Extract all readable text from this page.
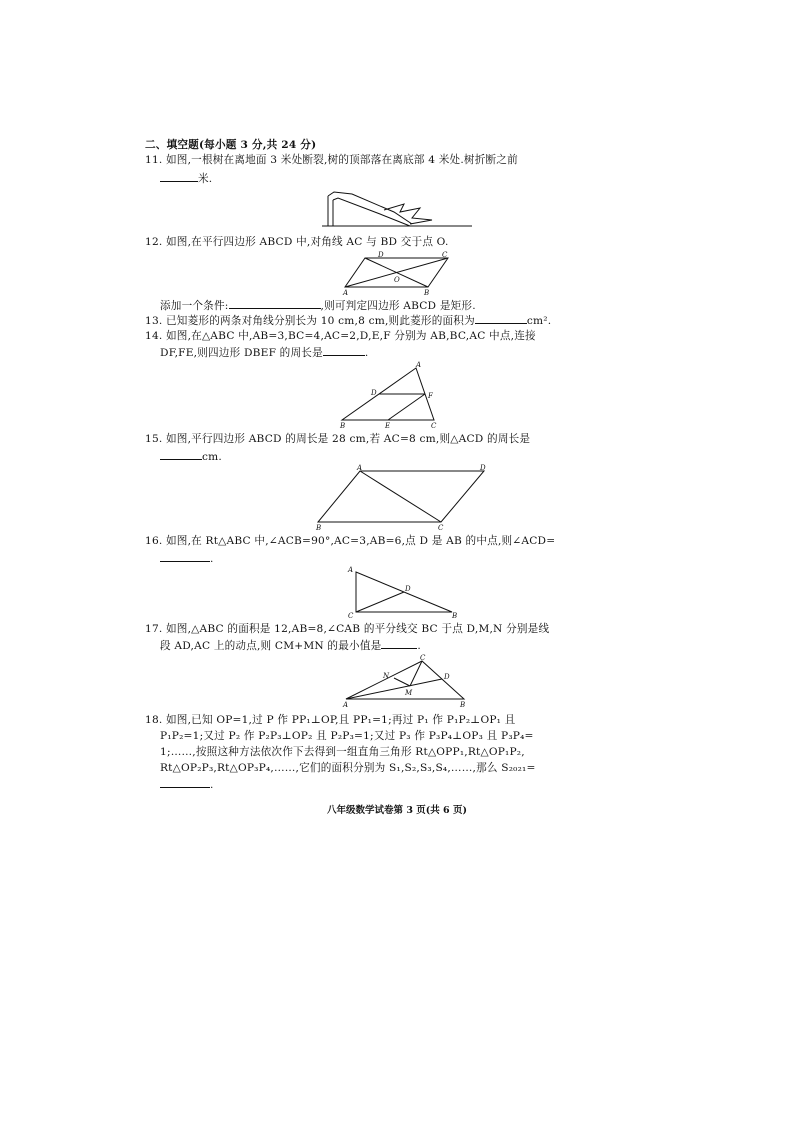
二、填空题(每小题 3 分,共 24 分)
11. 如图,一根树在离地面 3 米处断裂,树的顶部落在离底部 4 米处.树折断之前
米.
12. 如图,在平行四边形 ABCD 中,对角线 AC 与 BD 交于点 O.
D	C
A	B
O
添加一个条件:	,则可判定四边形 ABCD 是矩形.
13. 已知菱形的两条对角线分别长为 10 cm,8 cm,则此菱形的面积为	cm².
14. 如图,在△ABC 中,AB=3,BC=4,AC=2,D,E,F 分别为 AB,BC,AC 中点,连接
DF,FE,则四边形 DBEF 的周长是	.
A
D	F
B	E	C
15. 如图,平行四边形 ABCD 的周长是 28 cm,若 AC=8 cm,则△ACD 的周长是
cm.
A	D
B	C
16. 如图,在 Rt△ABC 中,∠ACB=90°,AC=3,AB=6,点 D 是 AB 的中点,则∠ACD=
.
A
D
C	B
17. 如图,△ABC 的面积是 12,AB=8,∠CAB 的平分线交 BC 于点 D,M,N 分别是线
段 AD,AC 上的动点,则 CM+MN 的最小值是	.
C
N	D
M
A	B
18. 如图,已知 OP=1,过 P 作 PP₁⊥OP,且 PP₁=1;再过 P₁ 作 P₁P₂⊥OP₁ 且
P₁P₂=1;又过 P₂ 作 P₂P₃⊥OP₂ 且 P₂P₃=1;又过 P₃ 作 P₃P₄⊥OP₃ 且 P₃P₄=
1;……,按照这种方法依次作下去得到一组直角三角形 Rt△OPP₁,Rt△OP₁P₂,
Rt△OP₂P₃,Rt△OP₃P₄,……,它们的面积分别为 S₁,S₂,S₃,S₄,……,那么 S₂₀₂₁=
.
八年级数学试卷第 3 页(共 6 页)
